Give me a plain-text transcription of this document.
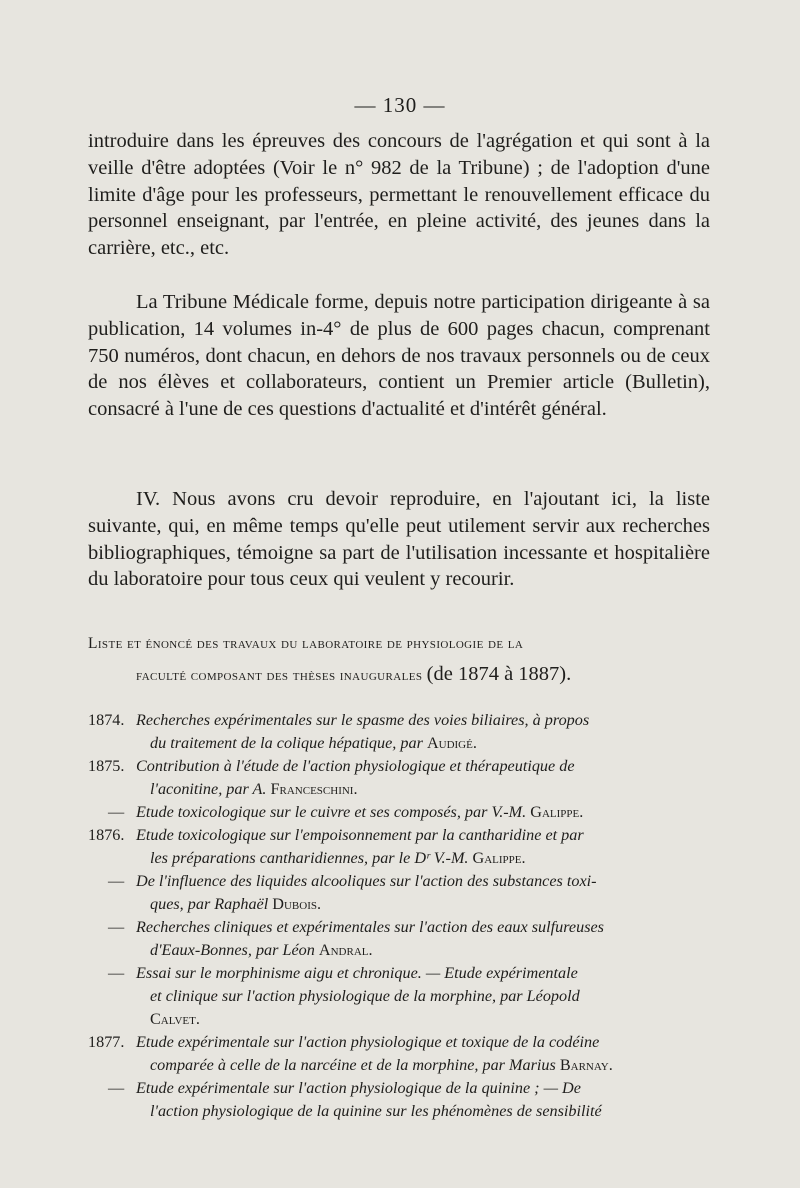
— 130 —

introduire dans les épreuves des concours de l'agrégation et qui sont à la veille d'être adoptées (Voir le n° 982 de la Tribune) ; de l'adoption d'une limite d'âge pour les professeurs, permettant le renouvellement efficace du personnel enseignant, par l'entrée, en pleine activité, des jeunes dans la carrière, etc., etc.

La Tribune Médicale forme, depuis notre participation dirigeante à sa publication, 14 volumes in-4° de plus de 600 pages chacun, comprenant 750 numéros, dont chacun, en dehors de nos travaux personnels ou de ceux de nos élèves et collaborateurs, contient un Premier article (Bulletin), consacré à l'une de ces questions d'actualité et d'intérêt général.

IV. Nous avons cru devoir reproduire, en l'ajoutant ici, la liste suivante, qui, en même temps qu'elle peut utilement servir aux recherches bibliographiques, témoigne sa part de l'utilisation incessante et hospitalière du laboratoire pour tous ceux qui veulent y recourir.

Liste et énoncé des travaux du laboratoire de physiologie de la
faculté composant des thèses inaugurales (de 1874 à 1887).

1874. Recherches expérimentales sur le spasme des voies biliaires, à propos
du traitement de la colique hépatique, par Audigé.
1875. Contribution à l'étude de l'action physiologique et thérapeutique de
l'aconitine, par A. Franceschini.
— Etude toxicologique sur le cuivre et ses composés, par V.-M. Galippe.
1876. Etude toxicologique sur l'empoisonnement par la cantharidine et par
les préparations cantharidiennes, par le Dʳ V.-M. Galippe.
— De l'influence des liquides alcooliques sur l'action des substances toxi-
ques, par Raphaël Dubois.
— Recherches cliniques et expérimentales sur l'action des eaux sulfureuses
d'Eaux-Bonnes, par Léon Andral.
— Essai sur le morphinisme aigu et chronique. — Etude expérimentale
et clinique sur l'action physiologique de la morphine, par Léopold
Calvet.
1877. Etude expérimentale sur l'action physiologique et toxique de la codéine
comparée à celle de la narcéine et de la morphine, par Marius Barnay.
— Etude expérimentale sur l'action physiologique de la quinine ; — De
l'action physiologique de la quinine sur les phénomènes de sensibilité
